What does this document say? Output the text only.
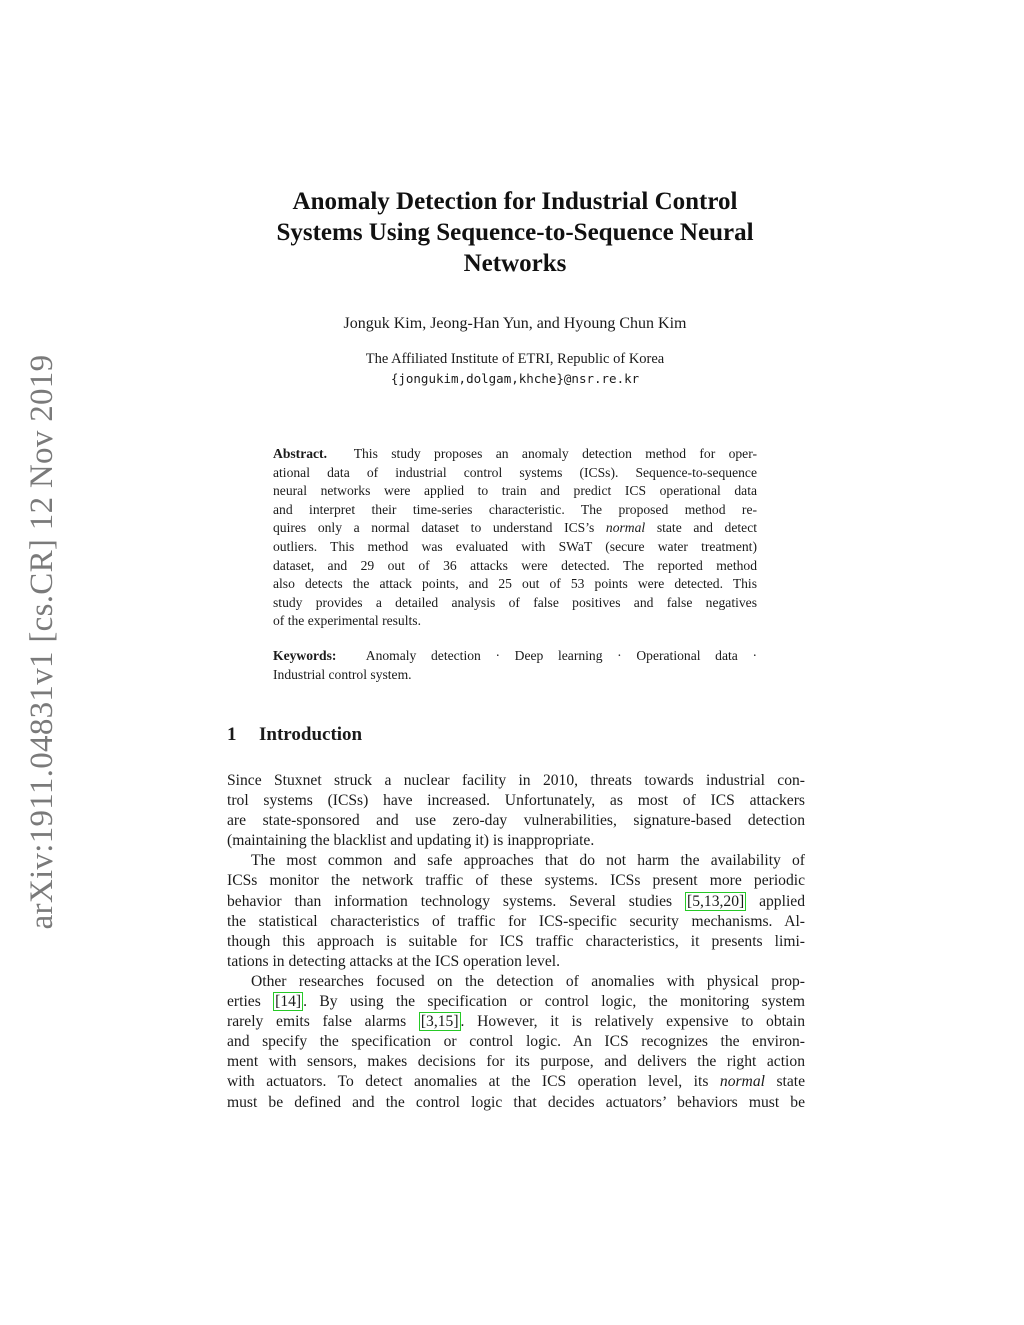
arXiv:1911.04831v1 [cs.CR] 12 Nov 2019
Anomaly Detection for Industrial Control
Systems Using Sequence-to-Sequence Neural
Networks
Jonguk Kim, Jeong-Han Yun, and Hyoung Chun Kim
The Affiliated Institute of ETRI, Republic of Korea
{jongukim,dolgam,khche}@nsr.re.kr

Abstract. This study proposes an anomaly detection method for oper-
ational data of industrial control systems (ICSs). Sequence-to-sequence
neural networks were applied to train and predict ICS operational data
and interpret their time-series characteristic. The proposed method re-
quires only a normal dataset to understand ICS’s normal state and detect
outliers. This method was evaluated with SWaT (secure water treatment)
dataset, and 29 out of 36 attacks were detected. The reported method
also detects the attack points, and 25 out of 53 points were detected. This
study provides a detailed analysis of false positives and false negatives
of the experimental results.

Keywords: Anomaly detection · Deep learning · Operational data ·
Industrial control system.

1 Introduction
Since Stuxnet struck a nuclear facility in 2010, threats towards industrial con-
trol systems (ICSs) have increased. Unfortunately, as most of ICS attackers
are state-sponsored and use zero-day vulnerabilities, signature-based detection
(maintaining the blacklist and updating it) is inappropriate.
The most common and safe approaches that do not harm the availability of
ICSs monitor the network traffic of these systems. ICSs present more periodic
behavior than information technology systems. Several studies [5,13,20] applied
the statistical characteristics of traffic for ICS-specific security mechanisms. Al-
though this approach is suitable for ICS traffic characteristics, it presents limi-
tations in detecting attacks at the ICS operation level.
Other researches focused on the detection of anomalies with physical prop-
erties [14] . By using the specification or control logic, the monitoring system
rarely emits false alarms [3,15] . However, it is relatively expensive to obtain
and specify the specification or control logic. An ICS recognizes the environ-
ment with sensors, makes decisions for its purpose, and delivers the right action
with actuators. To detect anomalies at the ICS operation level, its normal state
must be defined and the control logic that decides actuators’ behaviors must be
